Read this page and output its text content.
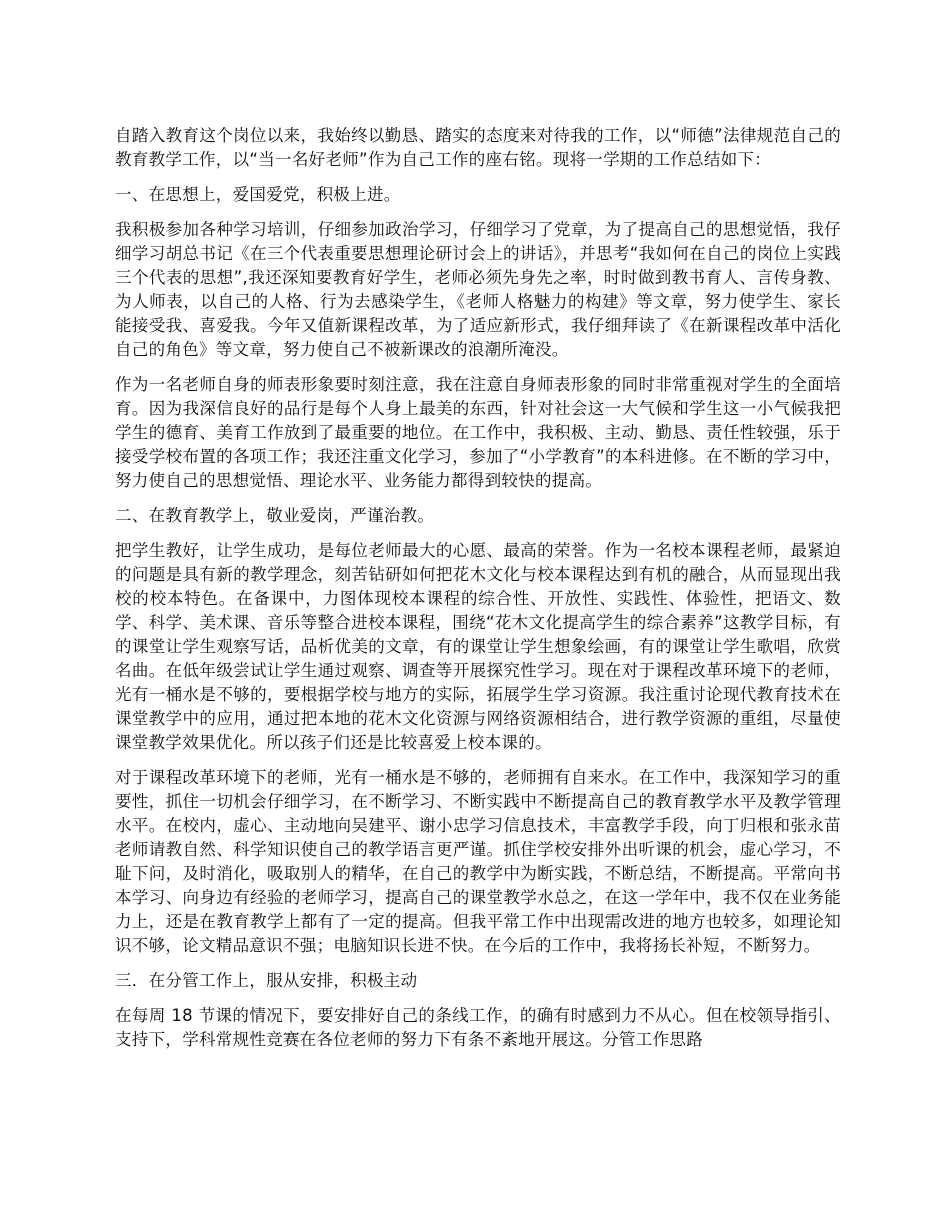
自踏入教育这个岗位以来，我始终以勤恳、踏实的态度来对待我的工作，以“师德”法律规范自己的教育教学工作，以“当一名好老师”作为自己工作的座右铭。现将一学期的工作总结如下：

一、在思想上，爱国爱党，积极上进。

我积极参加各种学习培训，仔细参加政治学习，仔细学习了党章，为了提高自己的思想觉悟，我仔细学习胡总书记《在三个代表重要思想理论研讨会上的讲话》，并思考“我如何在自己的岗位上实践三个代表的思想”,我还深知要教育好学生，老师必须先身先之率，时时做到教书育人、言传身教、为人师表，以自己的人格、行为去感染学生，《老师人格魅力的构建》等文章，努力使学生、家长能接受我、喜爱我。今年又值新课程改革，为了适应新形式，我仔细拜读了《在新课程改革中活化自己的角色》等文章，努力使自己不被新课改的浪潮所淹没。

作为一名老师自身的师表形象要时刻注意，我在注意自身师表形象的同时非常重视对学生的全面培育。因为我深信良好的品行是每个人身上最美的东西，针对社会这一大气候和学生这一小气候我把学生的德育、美育工作放到了最重要的地位。在工作中，我积极、主动、勤恳、责任性较强，乐于接受学校布置的各项工作；我还注重文化学习，参加了“小学教育”的本科进修。在不断的学习中，努力使自己的思想觉悟、理论水平、业务能力都得到较快的提高。

二、在教育教学上，敬业爱岗，严谨治教。

把学生教好，让学生成功，是每位老师最大的心愿、最高的荣誉。作为一名校本课程老师，最紧迫的问题是具有新的教学理念，刻苦钻研如何把花木文化与校本课程达到有机的融合，从而显现出我校的校本特色。在备课中，力图体现校本课程的综合性、开放性、实践性、体验性，把语文、数学、科学、美术课、音乐等整合进校本课程，围绕“花木文化提高学生的综合素养”这教学目标，有的课堂让学生观察写话，品析优美的文章，有的课堂让学生想象绘画，有的课堂让学生歌唱，欣赏名曲。在低年级尝试让学生通过观察、调查等开展探究性学习。现在对于课程改革环境下的老师，光有一桶水是不够的，要根据学校与地方的实际，拓展学生学习资源。我注重讨论现代教育技术在课堂教学中的应用，通过把本地的花木文化资源与网络资源相结合，进行教学资源的重组，尽量使课堂教学效果优化。所以孩子们还是比较喜爱上校本课的。

对于课程改革环境下的老师，光有一桶水是不够的，老师拥有自来水。在工作中，我深知学习的重要性，抓住一切机会仔细学习，在不断学习、不断实践中不断提高自己的教育教学水平及教学管理水平。在校内，虚心、主动地向吴建平、谢小忠学习信息技术，丰富教学手段，向丁归根和张永苗老师请教自然、科学知识使自己的教学语言更严谨。抓住学校安排外出听课的机会，虚心学习，不耻下问，及时消化，吸取别人的精华，在自己的教学中为断实践，不断总结，不断提高。平常向书本学习、向身边有经验的老师学习，提高自己的课堂教学水总之，在这一学年中，我不仅在业务能力上，还是在教育教学上都有了一定的提高。但我平常工作中出现需改进的地方也较多，如理论知识不够，论文精品意识不强；电脑知识长进不快。在今后的工作中，我将扬长补短，不断努力。

三．在分管工作上，服从安排，积极主动

在每周 18 节课的情况下，要安排好自己的条线工作，的确有时感到力不从心。但在校领导指引、支持下，学科常规性竞赛在各位老师的努力下有条不紊地开展这。分管工作思路
